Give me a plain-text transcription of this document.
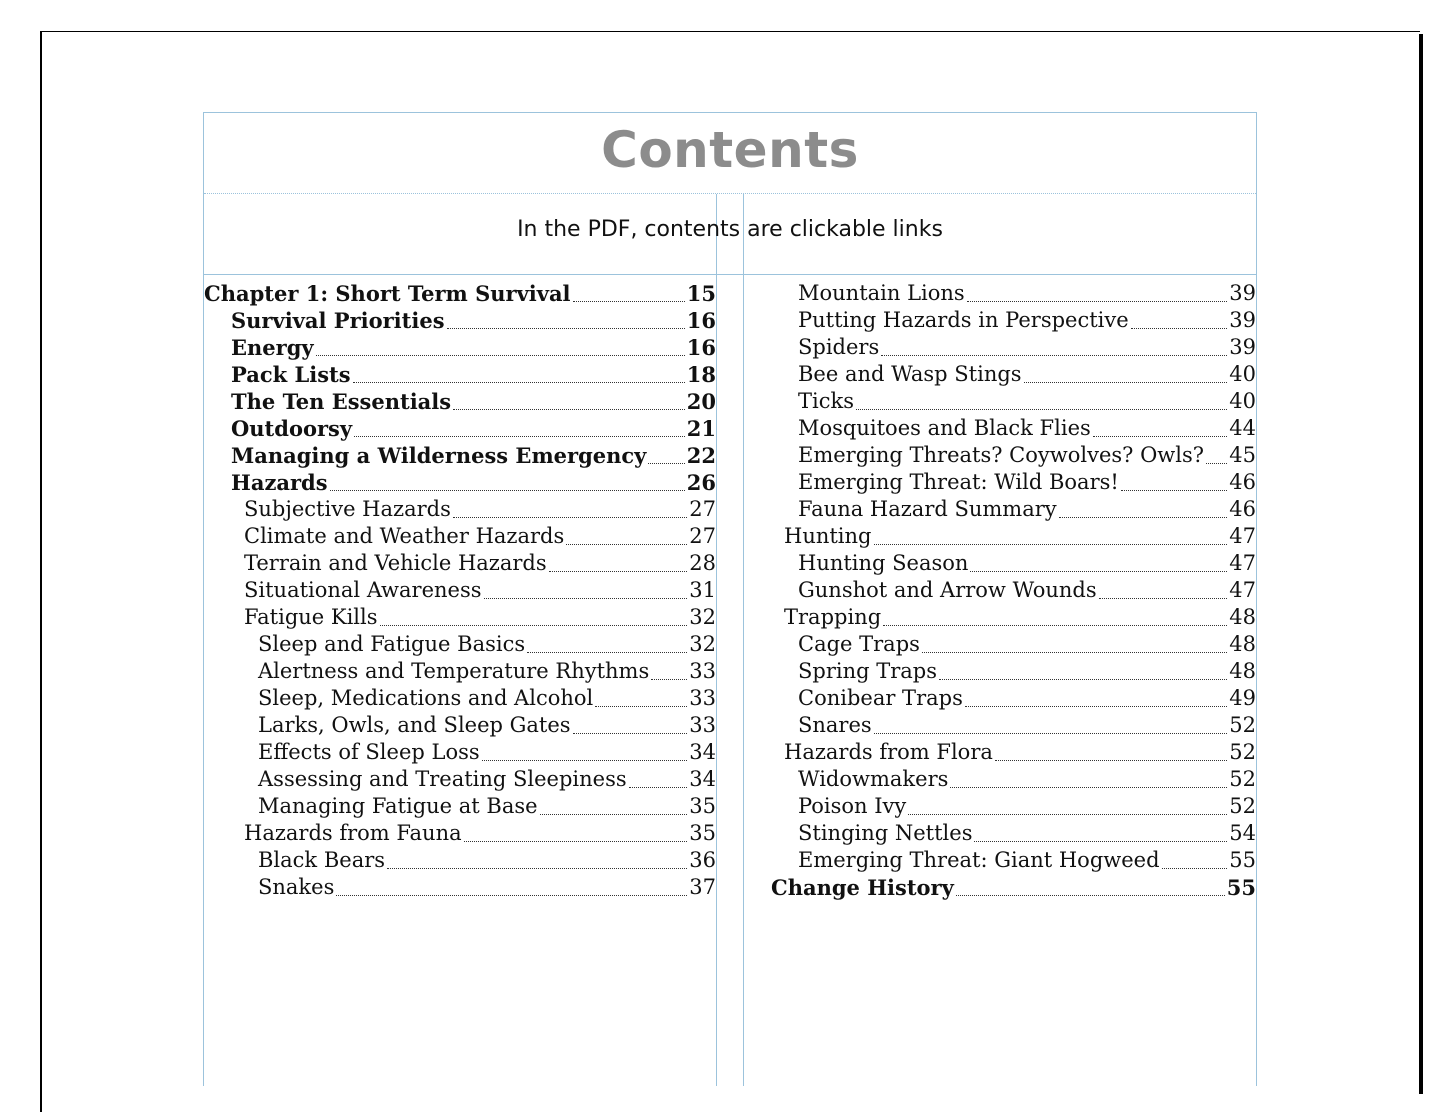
Contents
In the PDF, contents are clickable links
Chapter 1: Short Term Survival	15
Survival Priorities	16
Energy	16
Pack Lists	18
The Ten Essentials	20
Outdoorsy	21
Managing a Wilderness Emergency 22
Hazards	26
Subjective Hazards	27
Climate and Weather Hazards	27
Terrain and Vehicle Hazards	28
Situational Awareness	31
Fatigue Kills	32
Sleep and Fatigue Basics	32
Alertness and Temperature Rhythms 33
Sleep, Medications and Alcohol	33
Larks, Owls, and Sleep Gates	33
Effects of Sleep Loss	34
Assessing and Treating Sleepiness	34
Managing Fatigue at Base	35
Hazards from Fauna	35
Black Bears	36
Snakes	37
Mountain Lions	39
Putting Hazards in Perspective	39
Spiders	39
Bee and Wasp Stings	40
Ticks	40
Mosquitoes and Black Flies	44
Emerging Threats? Coywolves? Owls? 45
Emerging Threat: Wild Boars!	46
Fauna Hazard Summary	46
Hunting	47
Hunting Season	47
Gunshot and Arrow Wounds	47
Trapping	48
Cage Traps	48
Spring Traps	48
Conibear Traps	49
Snares	52
Hazards from Flora	52
Widowmakers	52
Poison Ivy	52
Stinging Nettles	54
Emerging Threat: Giant Hogweed	55
Change History	55
